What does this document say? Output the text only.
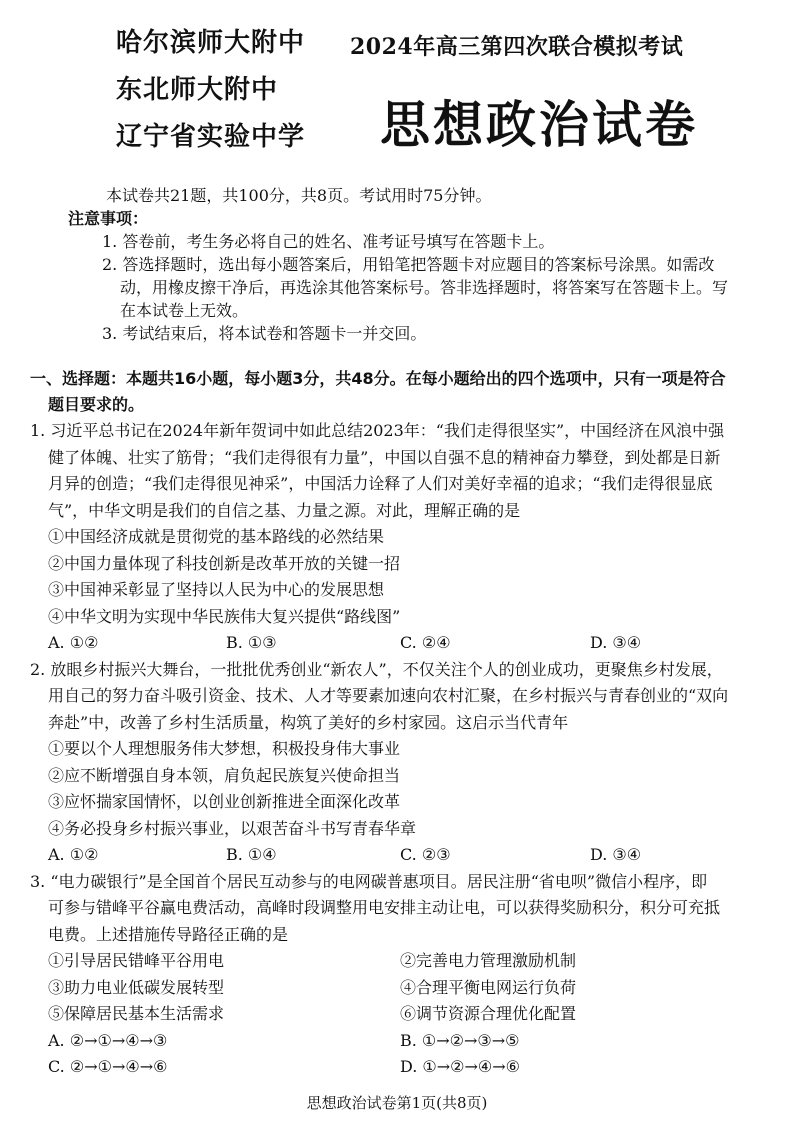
哈尔滨师大附中
东北师大附中
辽宁省实验中学
2024年高三第四次联合模拟考试
思想政治试卷
本试卷共21题，共100分，共8页。考试用时75分钟。
注意事项：
1. 答卷前，考生务必将自己的姓名、准考证号填写在答题卡上。
2. 答选择题时，选出每小题答案后，用铅笔把答题卡对应题目的答案标号涂黑。如需改
动，用橡皮擦干净后，再选涂其他答案标号。答非选择题时，将答案写在答题卡上。写
在本试卷上无效。
3. 考试结束后，将本试卷和答题卡一并交回。
一、选择题：本题共16小题，每小题3分，共48分。在每小题给出的四个选项中，只有一项是符合
题目要求的。
1. 习近平总书记在2024年新年贺词中如此总结2023年：“我们走得很坚实”，中国经济在风浪中强
健了体魄、壮实了筋骨；“我们走得很有力量”，中国以自强不息的精神奋力攀登，到处都是日新
月异的创造；“我们走得很见神采”，中国活力诠释了人们对美好幸福的追求；“我们走得很显底
气”，中华文明是我们的自信之基、力量之源。对此，理解正确的是
①中国经济成就是贯彻党的基本路线的必然结果
②中国力量体现了科技创新是改革开放的关键一招
③中国神采彰显了坚持以人民为中心的发展思想
④中华文明为实现中华民族伟大复兴提供“路线图”
A. ①②	B. ①③	C. ②④	D. ③④
2. 放眼乡村振兴大舞台，一批批优秀创业“新农人”，不仅关注个人的创业成功，更聚焦乡村发展，
用自己的努力奋斗吸引资金、技术、人才等要素加速向农村汇聚，在乡村振兴与青春创业的“双向
奔赴”中，改善了乡村生活质量，构筑了美好的乡村家园。这启示当代青年
①要以个人理想服务伟大梦想，积极投身伟大事业
②应不断增强自身本领，肩负起民族复兴使命担当
③应怀揣家国情怀，以创业创新推进全面深化改革
④务必投身乡村振兴事业，以艰苦奋斗书写青春华章
A. ①②	B. ①④	C. ②③	D. ③④
3. “电力碳银行”是全国首个居民互动参与的电网碳普惠项目。居民注册“省电呗”微信小程序，即
可参与错峰平谷赢电费活动，高峰时段调整用电安排主动让电，可以获得奖励积分，积分可充抵
电费。上述措施传导路径正确的是
①引导居民错峰平谷用电	②完善电力管理激励机制
③助力电业低碳发展转型	④合理平衡电网运行负荷
⑤保障居民基本生活需求	⑥调节资源合理优化配置
A. ②→①→④→③	B. ①→②→③→⑤
C. ②→①→④→⑥	D. ①→②→④→⑥
思想政治试卷第1页(共8页)
